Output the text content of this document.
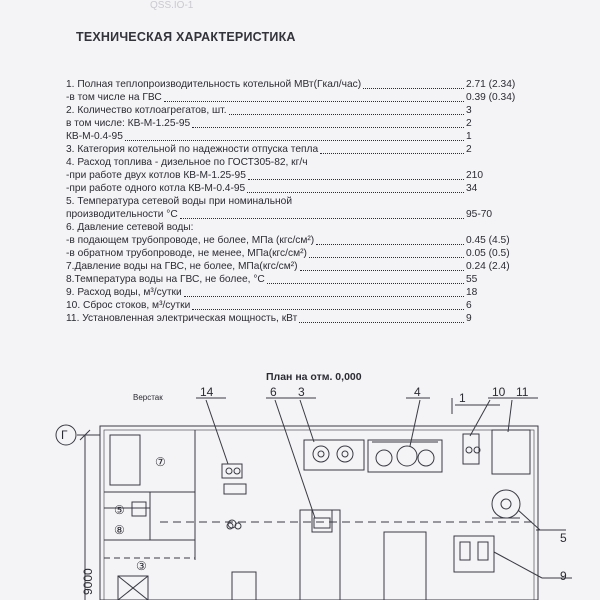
QSS.IO-1
ТЕХНИЧЕСКАЯ ХАРАКТЕРИСТИКА
1. Полная теплопроизводительность котельной МВт(Гкал/час)	2.71 (2.34)
-в том числе на ГВС	0.39 (0.34)
2. Количество котлоагрегатов, шт.	3
в том числе: КВ-М-1.25-95	2
КВ-М-0.4-95	1
3. Категория котельной по надежности отпуска тепла	2
4. Расход топлива - дизельное по ГОСТ305-82, кг/ч
-при работе двух котлов КВ-М-1.25-95	210
-при работе одного котла КВ-М-0.4-95	34
5. Температура сетевой воды при номинальной
производительности °С	95-70
6. Давление сетевой воды:
-в подающем трубопроводе, не более, МПа (кгс/см²)	0.45 (4.5)
-в обратном трубопроводе, не менее, МПа(кгс/см²)	0.05 (0.5)
7.Давление воды на ГВС, не более, МПа(кгс/см²)	0.24 (2.4)
8.Температура воды на ГВС, не более, °С	55
9. Расход воды, м³/сутки	18
10. Сброс стоков, м³/сутки	6
11. Установленная электрическая мощность, кВт	9
План на отм. 0,000
Г
9000
Верстак	1
14	6 3	4	10 11
5
9
⑦
⑤
⑧
③
